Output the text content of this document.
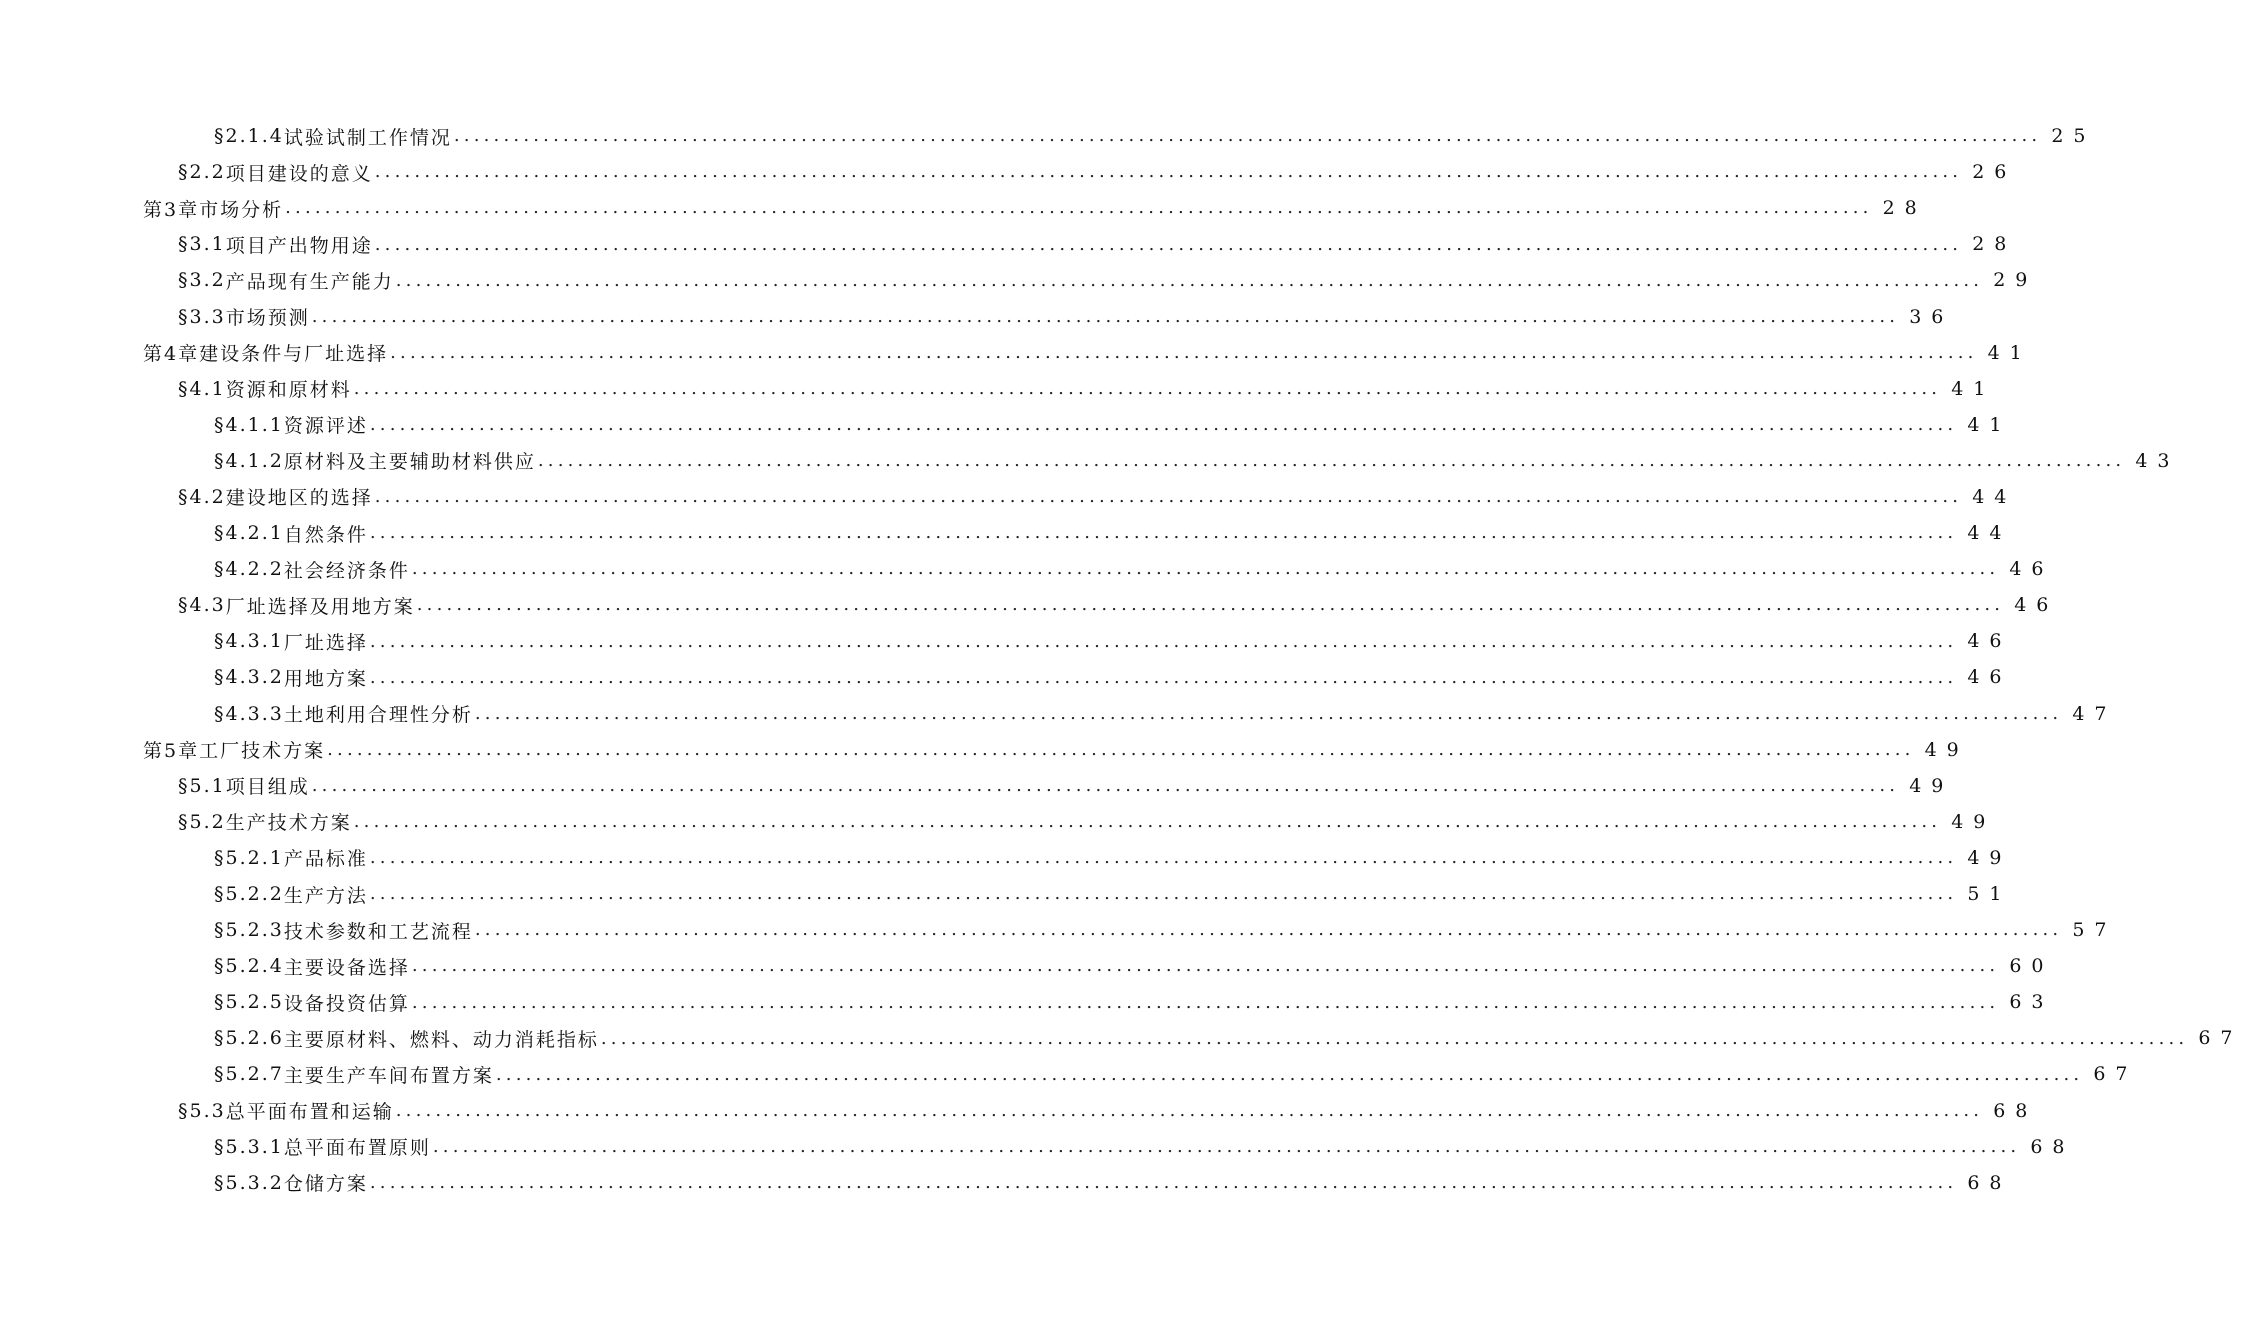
§2.1.4 试验试制工作情况 ................................................................................................................................................................ 25
§2.2 项目建设的意义 ................................................................................................................................................................ 26
第3章 市场分析 ................................................................................................................................................................ 28
§3.1 项目产出物用途 ................................................................................................................................................................ 28
§3.2 产品现有生产能力 ................................................................................................................................................................ 29
§3.3 市场预测 ................................................................................................................................................................ 36
第4章 建设条件与厂址选择 ................................................................................................................................................................ 41
§4.1 资源和原材料 ................................................................................................................................................................ 41
§4.1.1 资源评述 ................................................................................................................................................................ 41
§4.1.2 原材料及主要辅助材料供应 ................................................................................................................................................................ 43
§4.2 建设地区的选择 ................................................................................................................................................................ 44
§4.2.1 自然条件 ................................................................................................................................................................ 44
§4.2.2 社会经济条件 ................................................................................................................................................................ 46
§4.3 厂址选择及用地方案 ................................................................................................................................................................ 46
§4.3.1 厂址选择 ................................................................................................................................................................ 46
§4.3.2 用地方案 ................................................................................................................................................................ 46
§4.3.3 土地利用合理性分析 ................................................................................................................................................................ 47
第5章 工厂技术方案 ................................................................................................................................................................ 49
§5.1 项目组成 ................................................................................................................................................................ 49
§5.2 生产技术方案 ................................................................................................................................................................ 49
§5.2.1 产品标准 ................................................................................................................................................................ 49
§5.2.2 生产方法 ................................................................................................................................................................ 51
§5.2.3 技术参数和工艺流程 ................................................................................................................................................................ 57
§5.2.4 主要设备选择 ................................................................................................................................................................ 60
§5.2.5 设备投资估算 ................................................................................................................................................................ 63
§5.2.6 主要原材料、燃料、动力消耗指标 ................................................................................................................................................................ 67
§5.2.7 主要生产车间布置方案 ................................................................................................................................................................ 67
§5.3 总平面布置和运输 ................................................................................................................................................................ 68
§5.3.1 总平面布置原则 ................................................................................................................................................................ 68
§5.3.2 仓储方案 ................................................................................................................................................................ 68
